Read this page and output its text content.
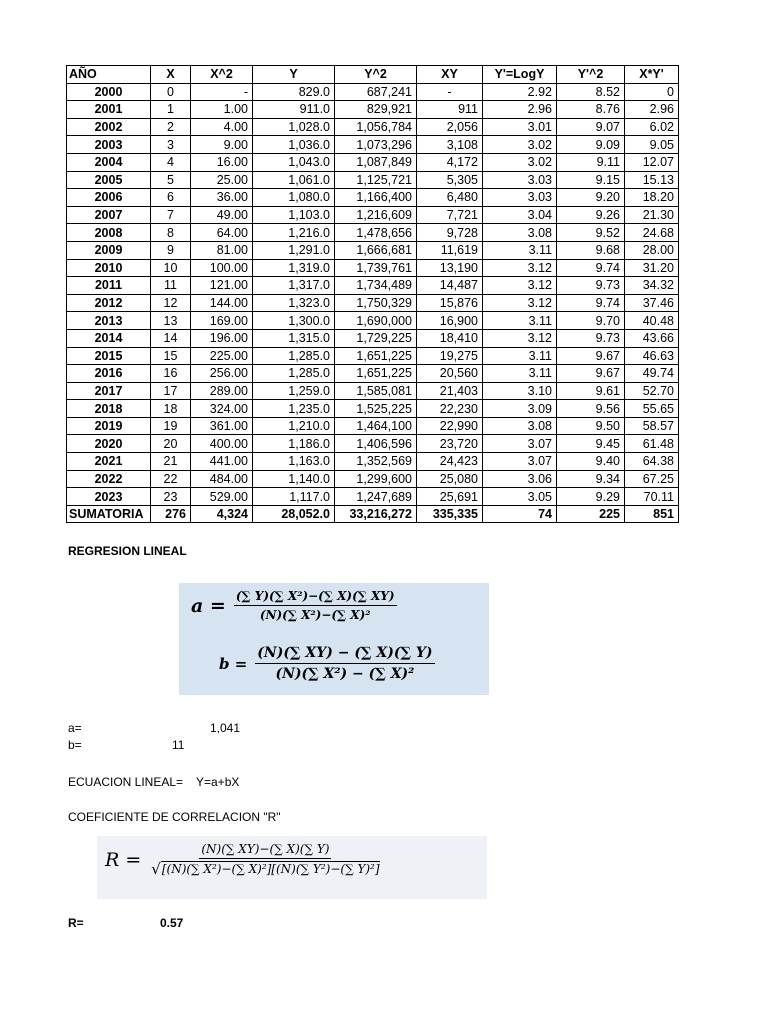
AÑO	X	X^2	Y	Y^2	XY	Y'=LogY	Y'^2	X*Y'
2000	0	-	829.0	687,241	-	2.92	8.52	0
2001	1	1.00	911.0	829,921	911	2.96	8.76	2.96
2002	2	4.00	1,028.0	1,056,784	2,056	3.01	9.07	6.02
2003	3	9.00	1,036.0	1,073,296	3,108	3.02	9.09	9.05
2004	4	16.00	1,043.0	1,087,849	4,172	3.02	9.11	12.07
2005	5	25.00	1,061.0	1,125,721	5,305	3.03	9.15	15.13
2006	6	36.00	1,080.0	1,166,400	6,480	3.03	9.20	18.20
2007	7	49.00	1,103.0	1,216,609	7,721	3.04	9.26	21.30
2008	8	64.00	1,216.0	1,478,656	9,728	3.08	9.52	24.68
2009	9	81.00	1,291.0	1,666,681	11,619	3.11	9.68	28.00
2010	10	100.00	1,319.0	1,739,761	13,190	3.12	9.74	31.20
2011	11	121.00	1,317.0	1,734,489	14,487	3.12	9.73	34.32
2012	12	144.00	1,323.0	1,750,329	15,876	3.12	9.74	37.46
2013	13	169.00	1,300.0	1,690,000	16,900	3.11	9.70	40.48
2014	14	196.00	1,315.0	1,729,225	18,410	3.12	9.73	43.66
2015	15	225.00	1,285.0	1,651,225	19,275	3.11	9.67	46.63
2016	16	256.00	1,285.0	1,651,225	20,560	3.11	9.67	49.74
2017	17	289.00	1,259.0	1,585,081	21,403	3.10	9.61	52.70
2018	18	324.00	1,235.0	1,525,225	22,230	3.09	9.56	55.65
2019	19	361.00	1,210.0	1,464,100	22,990	3.08	9.50	58.57
2020	20	400.00	1,186.0	1,406,596	23,720	3.07	9.45	61.48
2021	21	441.00	1,163.0	1,352,569	24,423	3.07	9.40	64.38
2022	22	484.00	1,140.0	1,299,600	25,080	3.06	9.34	67.25
2023	23	529.00	1,117.0	1,247,689	25,691	3.05	9.29	70.11
SUMATORIA	276	4,324	28,052.0	33,216,272	335,335	74	225	851
REGRESION LINEAL
$a = \frac{\text{(∑ Y)(∑ X²)−(∑ X)(∑ XY)}}{\text{(N)(∑ X²)−(∑ X)²}}$
$b = \frac{(N)(\sum XY) - (\sum X)(\sum Y)}{\text{(N)(∑ X²) − (∑ X)²}}$
a=	1,041
b=	11
ECUACION LINEAL= Y=a+bX
COEFICIENTE DE CORRELACION "R"
$R = \frac{(N)(\sum XY)-(\sum X)(\sum Y)}{\text{√ [(N)(∑ X²)−(∑ X)²][(N)(∑ Y²)−(∑ Y)²]}}$
R=	0.57
